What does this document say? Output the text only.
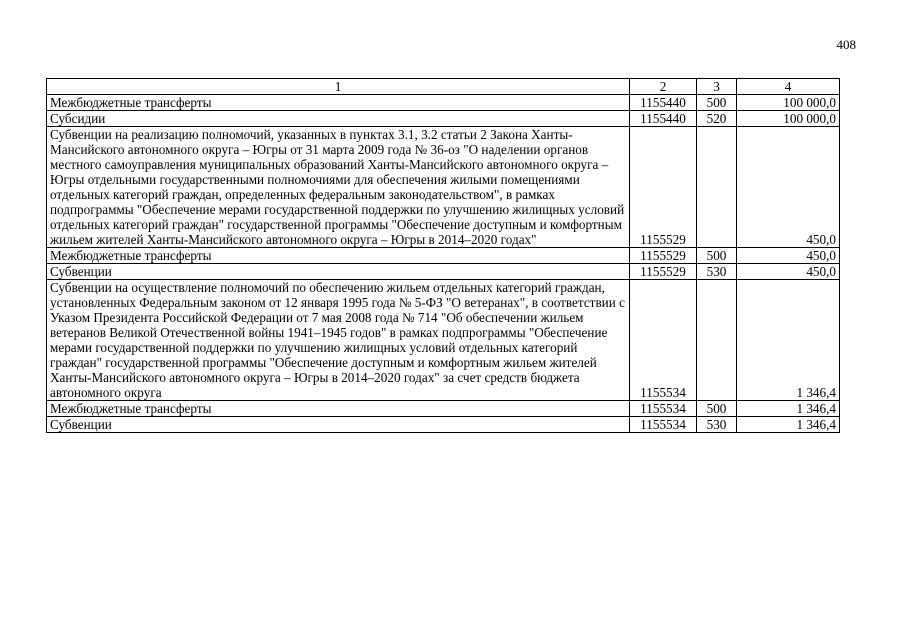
408
1	2	3	4
Межбюджетные трансферты	1155440	500	100 000,0
Субсидии	1155440	520	100 000,0
Субвенции на реализацию полномочий, указанных в пунктах 3.1, 3.2 статьи 2 Закона Ханты-Мансийского автономного округа – Югры от 31 марта 2009 года № 36-оз "О наделении органов местного самоуправления муниципальных образований Ханты-Мансийского автономного округа – Югры отдельными государственными полномочиями для обеспечения жилыми помещениями отдельных категорий граждан, определенных федеральным законодательством", в рамках подпрограммы "Обеспечение мерами государственной поддержки по улучшению жилищных условий отдельных категорий граждан" государственной программы "Обеспечение доступным и комфортным жильем жителей Ханты-Мансийского автономного округа – Югры в 2014–2020 годах"	1155529		450,0
Межбюджетные трансферты	1155529	500	450,0
Субвенции	1155529	530	450,0
Субвенции на осуществление полномочий по обеспечению жильем отдельных категорий граждан, установленных Федеральным законом от 12 января 1995 года № 5-ФЗ "О ветеранах", в соответствии с Указом Президента Российской Федерации от 7 мая 2008 года № 714 "Об обеспечении жильем ветеранов Великой Отечественной войны 1941–1945 годов" в рамках подпрограммы "Обеспечение мерами государственной поддержки по улучшению жилищных условий отдельных категорий граждан" государственной программы "Обеспечение доступным и комфортным жильем жителей Ханты-Мансийского автономного округа – Югры в 2014–2020 годах" за счет средств бюджета автономного округа	1155534		1 346,4
Межбюджетные трансферты	1155534	500	1 346,4
Субвенции	1155534	530	1 346,4
